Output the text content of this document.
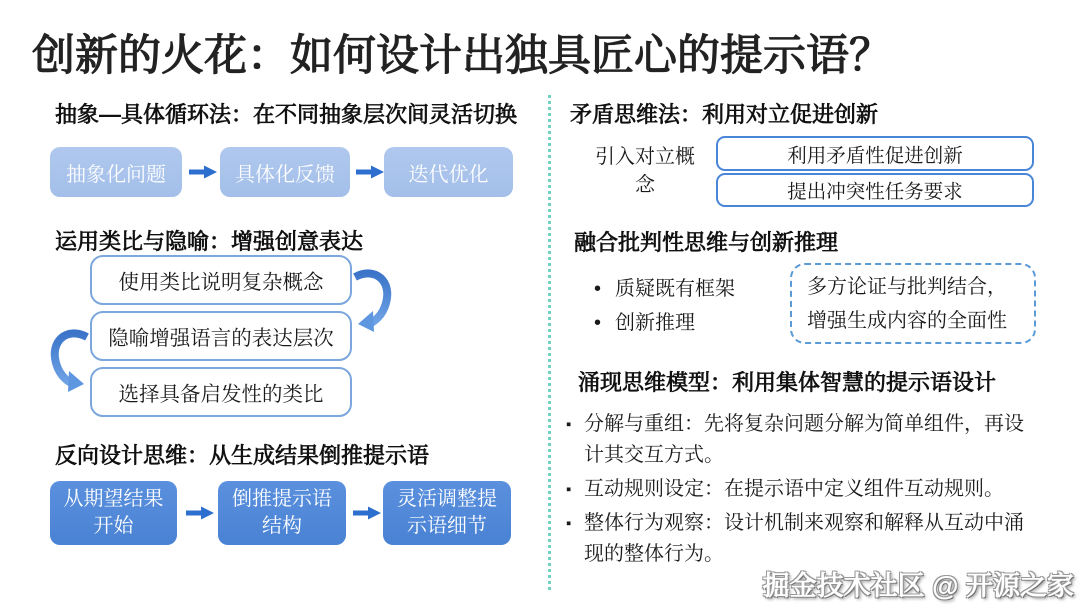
创新的火花：如何设计出独具匠心的提示语？
抽象—具体循环法：在不同抽象层次间灵活切换
抽象化问题	具体化反馈	迭代优化
运用类比与隐喻：增强创意表达
使用类比说明复杂概念
隐喻增强语言的表达层次
选择具备启发性的类比
反向设计思维：从生成结果倒推提示语
从期望结果开始
倒推提示语结构
灵活调整提示语细节
矛盾思维法：利用对立促进创新
引入对立概念
利用矛盾性促进创新
提出冲突性任务要求
融合批判性思维与创新推理
• 质疑既有框架
• 创新推理
多方论证与批判结合，增强生成内容的全面性
涌现思维模型：利用集体智慧的提示语设计
▪ 分解与重组：先将复杂问题分解为简单组件，再设计其交互方式。
▪ 互动规则设定：在提示语中定义组件互动规则。
▪ 整体行为观察：设计机制来观察和解释从互动中涌现的整体行为。
掘金技术社区 @ 开源之家
